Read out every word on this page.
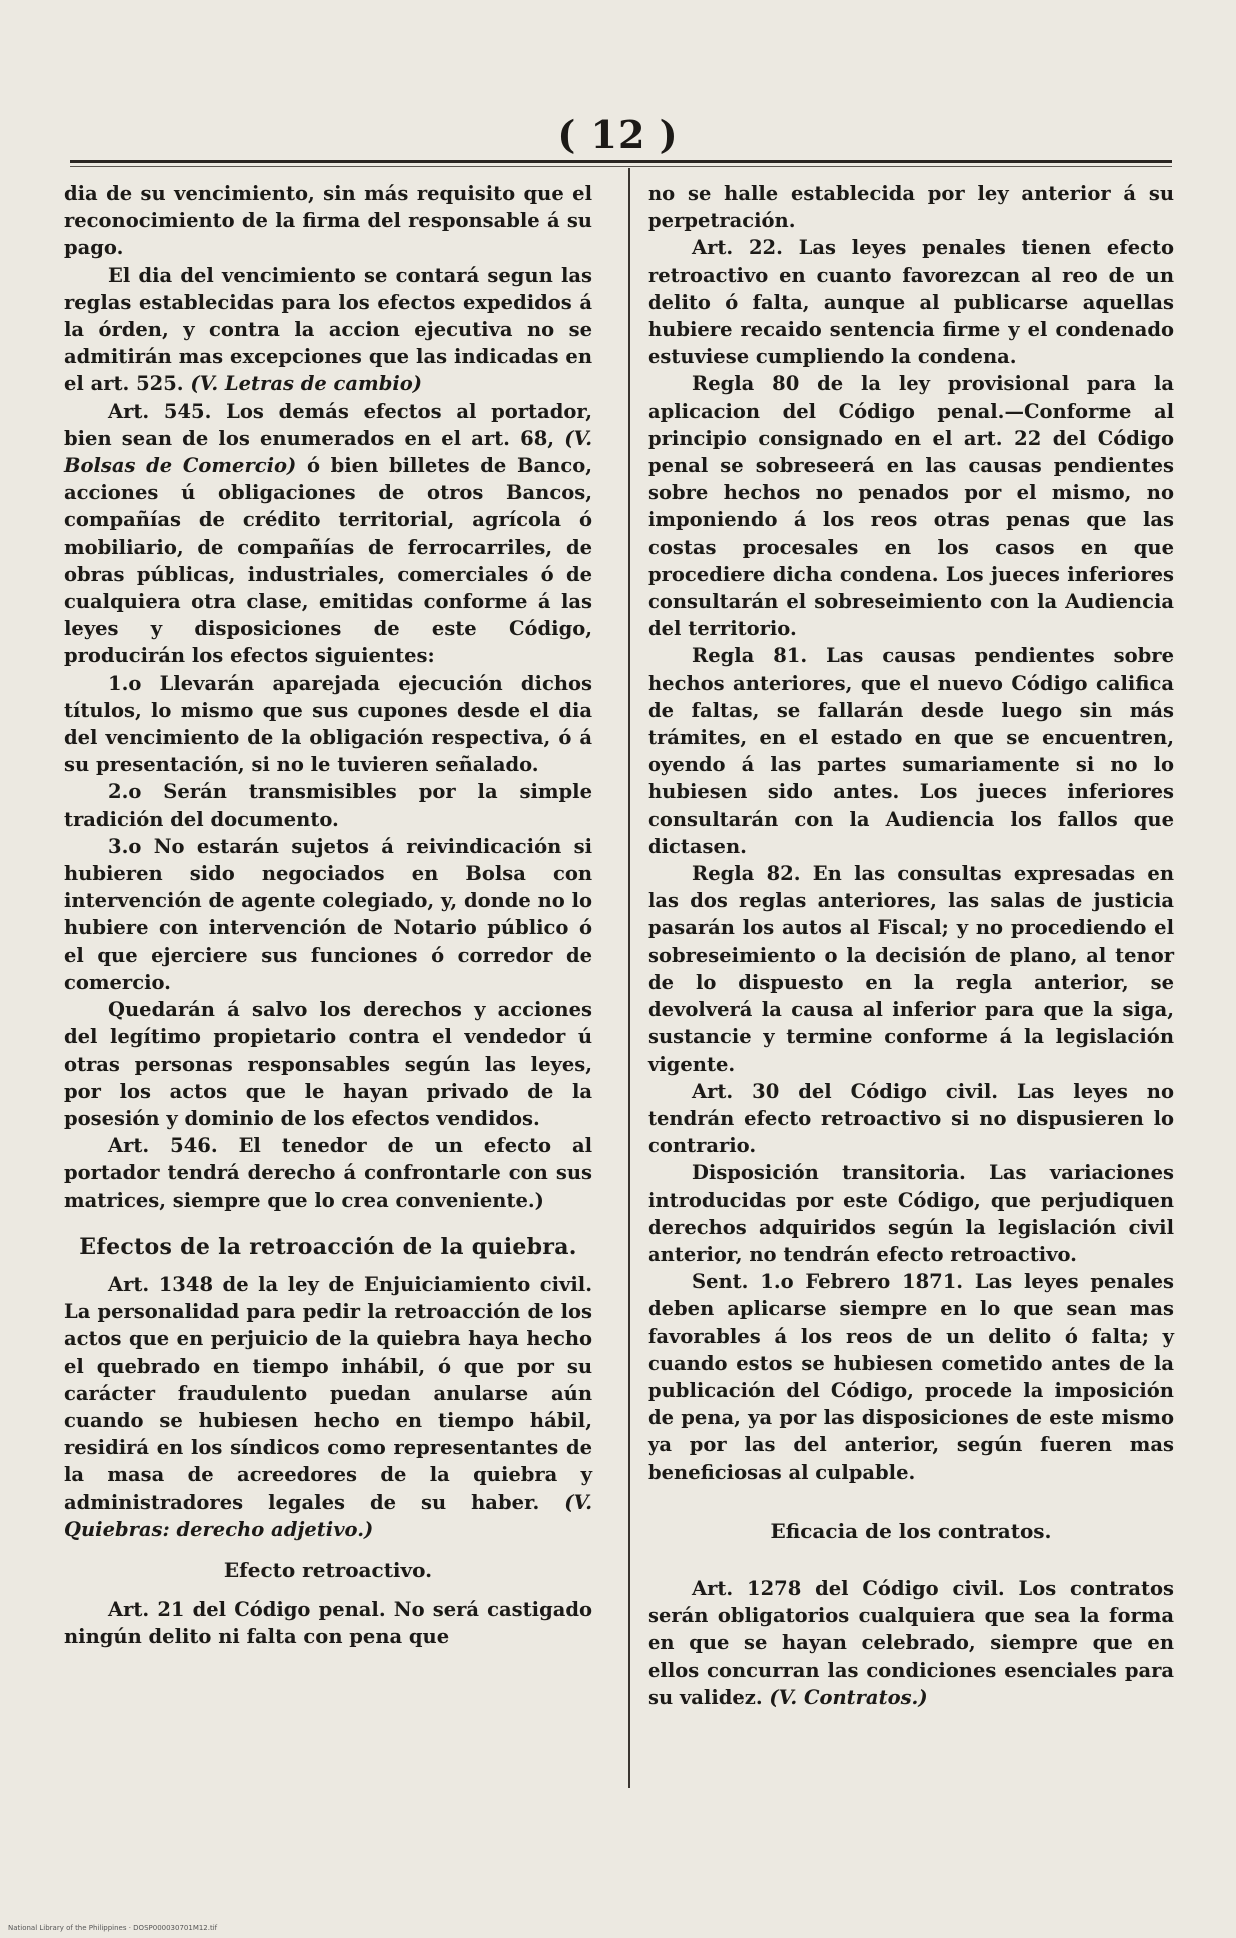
( 12 )

dia de su vencimiento, sin más requisito que el reconocimiento de la firma del responsable á su pago.

El dia del vencimiento se contará segun las reglas establecidas para los efectos expedidos á la órden, y contra la accion ejecutiva no se admitirán mas excepciones que las indicadas en el art. 525. (V. Letras de cambio)

Art. 545. Los demás efectos al portador, bien sean de los enumerados en el art. 68, (V. Bolsas de Comercio) ó bien billetes de Banco, acciones ú obligaciones de otros Bancos, compañías de crédito territorial, agrícola ó mobiliario, de compañías de ferrocarriles, de obras públicas, industriales, comerciales ó de cualquiera otra clase, emitidas conforme á las leyes y disposiciones de este Código, producirán los efectos siguientes:

1.o Llevarán aparejada ejecución dichos títulos, lo mismo que sus cupones desde el dia del vencimiento de la obligación respectiva, ó á su presentación, si no le tuvieren señalado.

2.o Serán transmisibles por la simple tradición del documento.

3.o No estarán sujetos á reivindicación si hubieren sido negociados en Bolsa con intervención de agente colegiado, y, donde no lo hubiere con intervención de Notario público ó el que ejerciere sus funciones ó corredor de comercio.

Quedarán á salvo los derechos y acciones del legítimo propietario contra el vendedor ú otras personas responsables según las leyes, por los actos que le hayan privado de la posesión y dominio de los efectos vendidos.

Art. 546. El tenedor de un efecto al portador tendrá derecho á confrontarle con sus matrices, siempre que lo crea conveniente.)

Efectos de la retroacción de la quiebra.

Art. 1348 de la ley de Enjuiciamiento civil. La personalidad para pedir la retroacción de los actos que en perjuicio de la quiebra haya hecho el quebrado en tiempo inhábil, ó que por su carácter fraudulento puedan anularse aún cuando se hubiesen hecho en tiempo hábil, residirá en los síndicos como representantes de la masa de acreedores de la quiebra y administradores legales de su haber. (V. Quiebras: derecho adjetivo.)

Efecto retroactivo.

Art. 21 del Código penal. No será castigado ningún delito ni falta con pena que

no se halle establecida por ley anterior á su perpetración.

Art. 22. Las leyes penales tienen efecto retroactivo en cuanto favorezcan al reo de un delito ó falta, aunque al publicarse aquellas hubiere recaido sentencia firme y el condenado estuviese cumpliendo la condena.

Regla 80 de la ley provisional para la aplicacion del Código penal.—Conforme al principio consignado en el art. 22 del Código penal se sobreseerá en las causas pendientes sobre hechos no penados por el mismo, no imponiendo á los reos otras penas que las costas procesales en los casos en que procediere dicha condena. Los jueces inferiores consultarán el sobreseimiento con la Audiencia del territorio.

Regla 81. Las causas pendientes sobre hechos anteriores, que el nuevo Código califica de faltas, se fallarán desde luego sin más trámites, en el estado en que se encuentren, oyendo á las partes sumariamente si no lo hubiesen sido antes. Los jueces inferiores consultarán con la Audiencia los fallos que dictasen.

Regla 82. En las consultas expresadas en las dos reglas anteriores, las salas de justicia pasarán los autos al Fiscal; y no procediendo el sobreseimiento o la decisión de plano, al tenor de lo dispuesto en la regla anterior, se devolverá la causa al inferior para que la siga, sustancie y termine conforme á la legislación vigente.

Art. 30 del Código civil. Las leyes no tendrán efecto retroactivo si no dispusieren lo contrario.

Disposición transitoria. Las variaciones introducidas por este Código, que perjudiquen derechos adquiridos según la legislación civil anterior, no tendrán efecto retroactivo.

Sent. 1.o Febrero 1871. Las leyes penales deben aplicarse siempre en lo que sean mas favorables á los reos de un delito ó falta; y cuando estos se hubiesen cometido antes de la publicación del Código, procede la imposición de pena, ya por las disposiciones de este mismo ya por las del anterior, según fueren mas beneficiosas al culpable.

Eficacia de los contratos.

Art. 1278 del Código civil. Los contratos serán obligatorios cualquiera que sea la forma en que se hayan celebrado, siempre que en ellos concurran las condiciones esenciales para su validez. (V. Contratos.)

National Library of the Philippines · DOSP000030701M12.tif
